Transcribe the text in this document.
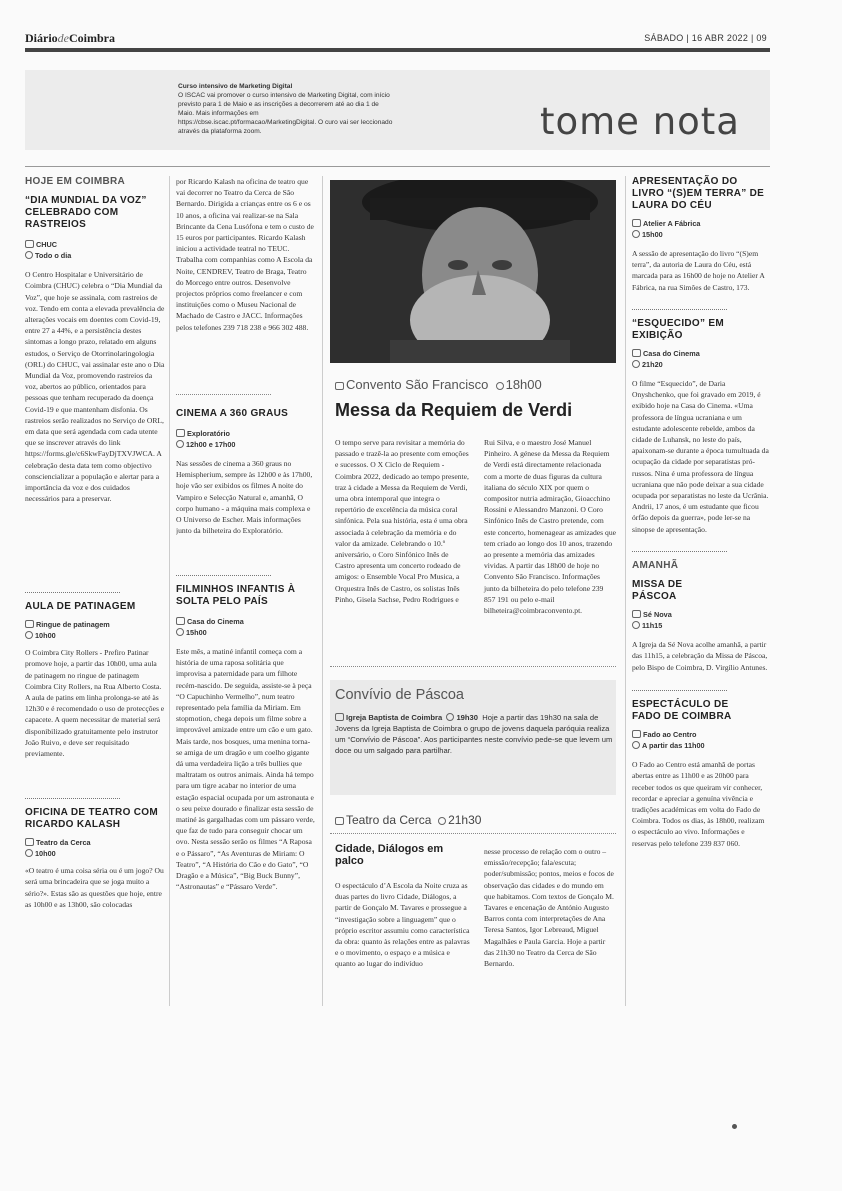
DiáriodeCoimbra	SÁBADO | 16 ABR 2022 | 09
Curso intensivo de Marketing Digital
O ISCAC vai promover o curso intensivo de Marketing Digital, com início previsto para 1 de Maio e as inscrições a decorrerem até ao dia 1 de Maio. Mais informações em https://cbse.iscac.pt/formacao/MarketingDigital. O curo vai ser leccionado através da plataforma zoom.	tome nota
HOJE EM COIMBRA
“DIA MUNDIAL DA VOZ” CELEBRADO COM RASTREIOS
CHUC
Todo o dia
O Centro Hospitalar e Universitário de Coimbra (CHUC) celebra o “Dia Mundial da Voz”, que hoje se assinala, com rastreios de voz. Tendo em conta a elevada prevalência de alterações vocais em doentes com Covid-19, entre 27 a 44%, e a persistência destes sintomas a longo prazo, relatado em alguns estudos, o Serviço de Otorrinolaringologia (ORL) do CHUC, vai assinalar este ano o Dia Mundial da Voz, promovendo rastreios da voz, abertos ao público, orientados para pessoas que tenham recuperado da doença Covid-19 e que mantenham disfonia. Os rastreios serão realizados no Serviço de ORL, em data que será agendada com cada utente que se inscrever através do link https://forms.gle/c6SkwFayDjTXVJWCA. A celebração desta data tem como objectivo consciencializar a população e alertar para a importância da voz e dos cuidados necessários para a preservar.
AULA DE PATINAGEM
Ringue de patinagem
10h00
O Coimbra City Rollers - Prefiro Patinar promove hoje, a partir das 10h00, uma aula de patinagem no ringue de patinagem Coimbra City Rollers, na Rua Alberto Costa. A aula de patins em linha prolonga-se até às 12h30 e é recomendado o uso de protecções e capacete. A quem necessitar de material será disponibilizado gratuitamente pelo instrutor João Ruivo, e deve ser requisitado previamente.
OFICINA DE TEATRO COM RICARDO KALASH
Teatro da Cerca
10h00
«O teatro é uma coisa séria ou é um jogo? Ou será uma brincadeira que se joga muito a sério?». Estas são as questões que hoje, entre as 10h00 e as 13h00, são colocadas
por Ricardo Kalash na oficina de teatro que vai decorrer no Teatro da Cerca de São Bernardo. Dirigida a crianças entre os 6 e os 10 anos, a oficina vai realizar-se na Sala Brincante da Cena Lusófona e tem o custo de 15 euros por participantes. Ricardo Kalash iniciou a actividade teatral no TEUC. Trabalha com companhias como A Escola da Noite, CENDREV, Teatro de Braga, Teatro do Morcego entre outros. Desenvolve projectos próprios como freelancer e com instituições como o Museu Nacional de Machado de Castro e JACC. Informações pelos telefones 239 718 238 e 966 302 488.
CINEMA A 360 GRAUS
Exploratório
12h00 e 17h00
Nas sessões de cinema a 360 graus no Hemispherium, sempre às 12h00 e às 17h00, hoje vão ser exibidos os filmes A noite do Vampiro e Selecção Natural e, amanhã, O corpo humano - a máquina mais complexa e O Universo de Escher. Mais informações junto da bilheteira do Exploratório.
FILMINHOS INFANTIS À SOLTA PELO PAÍS
Casa do Cinema
15h00
Este mês, a matiné infantil começa com a história de uma raposa solitária que improvisa a paternidade para um filhote recém-nascido. De seguida, assiste-se à peça “O Capuchinho Vermelho”, num teatro representado pela família da Miriam. Em stopmotion, chega depois um filme sobre a improvável amizade entre um cão e um gato. Mais tarde, nos bosques, uma menina torna-se amiga de um dragão e um coelho gigante dá uma verdadeira lição a três bullies que maltratam os outros animais. Ainda há tempo para um tigre acabar no interior de uma estação espacial ocupada por um astronauta e o seu peixe dourado e finalizar esta sessão de matiné às gargalhadas com um pássaro verde, que faz de tudo para conseguir chocar um ovo. Nesta sessão serão os filmes “A Raposa e o Pássaro”, “As Aventuras de Miriam: O Teatro”, “A História do Cão e do Gato”, “O Dragão e a Música”, “Big Buck Bunny”, “Astronautas” e “Pássaro Verde”.
Convento São Francisco 18h00
Messa da Requiem de Verdi
O tempo serve para revisitar a memória do passado e trazê-la ao presente com emoções e sucessos. O X Ciclo de Requiem - Coimbra 2022, dedicado ao tempo presente, traz à cidade a Messa da Requiem de Verdi, uma obra intemporal que integra o repertório de excelência da música coral sinfónica. Pela sua história, esta é uma obra associada à celebração da memória e do valor da amizade. Celebrando o 10.º aniversário, o Coro Sinfónico Inês de Castro apresenta um concerto rodeado de amigos: o Ensemble Vocal Pro Musica, a Orquestra Inês de Castro, os solistas Inês Pinho, Gisela Sachse, Pedro Rodrigues e
Rui Silva, e o maestro José Manuel Pinheiro. A génese da Messa da Requiem de Verdi está directamente relacionada com a morte de duas figuras da cultura italiana do século XIX por quem o compositor nutria admiração, Gioacchino Rossini e Alessandro Manzoni. O Coro Sinfónico Inês de Castro pretende, com este concerto, homenagear as amizades que tem criado ao longo dos 10 anos, trazendo ao presente a memória das amizades vividas. A partir das 18h00 de hoje no Convento São Francisco. Informações junto da bilheteira do pelo telefone 239 857 191 ou pelo e-mail bilheteira@coimbraconvento.pt.
Convívio de Páscoa
Igreja Baptista de Coimbra 19h30 Hoje a partir das 19h30 na sala de Jovens da Igreja Baptista de Coimbra o grupo de jovens daquela paróquia realiza um “Convívio de Páscoa”. Aos participantes neste convívio pede-se que levem um doce ou um salgado para partilhar.
Teatro da Cerca 21h30
Cidade, Diálogos em palco
O espectáculo d’A Escola da Noite cruza as duas partes do livro Cidade, Diálogos, a partir de Gonçalo M. Tavares e prossegue a “investigação sobre a linguagem” que o próprio escritor assumiu como característica da obra: quanto às relações entre as palavras e o movimento, o espaço e a música e quanto ao lugar do indivíduo
nesse processo de relação com o outro – emissão/recepção; fala/escuta; poder/submissão; pontos, meios e focos de observação das cidades e do mundo em que habitamos. Com textos de Gonçalo M. Tavares e encenação de António Augusto Barros conta com interpretações de Ana Teresa Santos, Igor Lebreaud, Miguel Magalhães e Paula Garcia. Hoje a partir das 21h30 no Teatro da Cerca de São Bernardo.
APRESENTAÇÃO DO LIVRO “(S)EM TERRA” DE LAURA DO CÉU
Atelier A Fábrica
15h00
A sessão de apresentação do livro “(S)em terra”, da autoria de Laura do Céu, está marcada para as 16h00 de hoje no Atelier A Fábrica, na rua Simões de Castro, 173.
“ESQUECIDO” EM EXIBIÇÃO
Casa do Cinema
21h20
O filme “Esquecido”, de Daria Onyshchenko, que foi gravado em 2019, é exibido hoje na Casa do Cinema. «Uma professora de língua ucraniana e um estudante adolescente rebelde, ambos da cidade de Luhansk, no leste do país, apaixonam-se durante a época tumultuada da ocupação da cidade por separatistas pró-russos. Nina é uma professora de língua ucraniana que não pode deixar a sua cidade ocupada por separatistas no leste da Ucrânia. Andrii, 17 anos, é um estudante que ficou órfão depois da guerra», pode ler-se na sinopse de apresentação.
AMANHÃ
MISSA DE PÁSCOA
Sé Nova
11h15
A Igreja da Sé Nova acolhe amanhã, a partir das 11h15, a celebração da Missa de Páscoa, pelo Bispo de Coimbra, D. Virgílio Antunes.
ESPECTÁCULO DE FADO DE COIMBRA
Fado ao Centro
A partir das 11h00
O Fado ao Centro está amanhã de portas abertas entre as 11h00 e as 20h00 para receber todos os que queiram vir conhecer, recordar e apreciar a genuína vivência e tradições académicas em volta do Fado de Coimbra. Todos os dias, às 18h00, realizam o espectáculo ao vivo. Informações e reservas pelo telefone 239 837 060.
